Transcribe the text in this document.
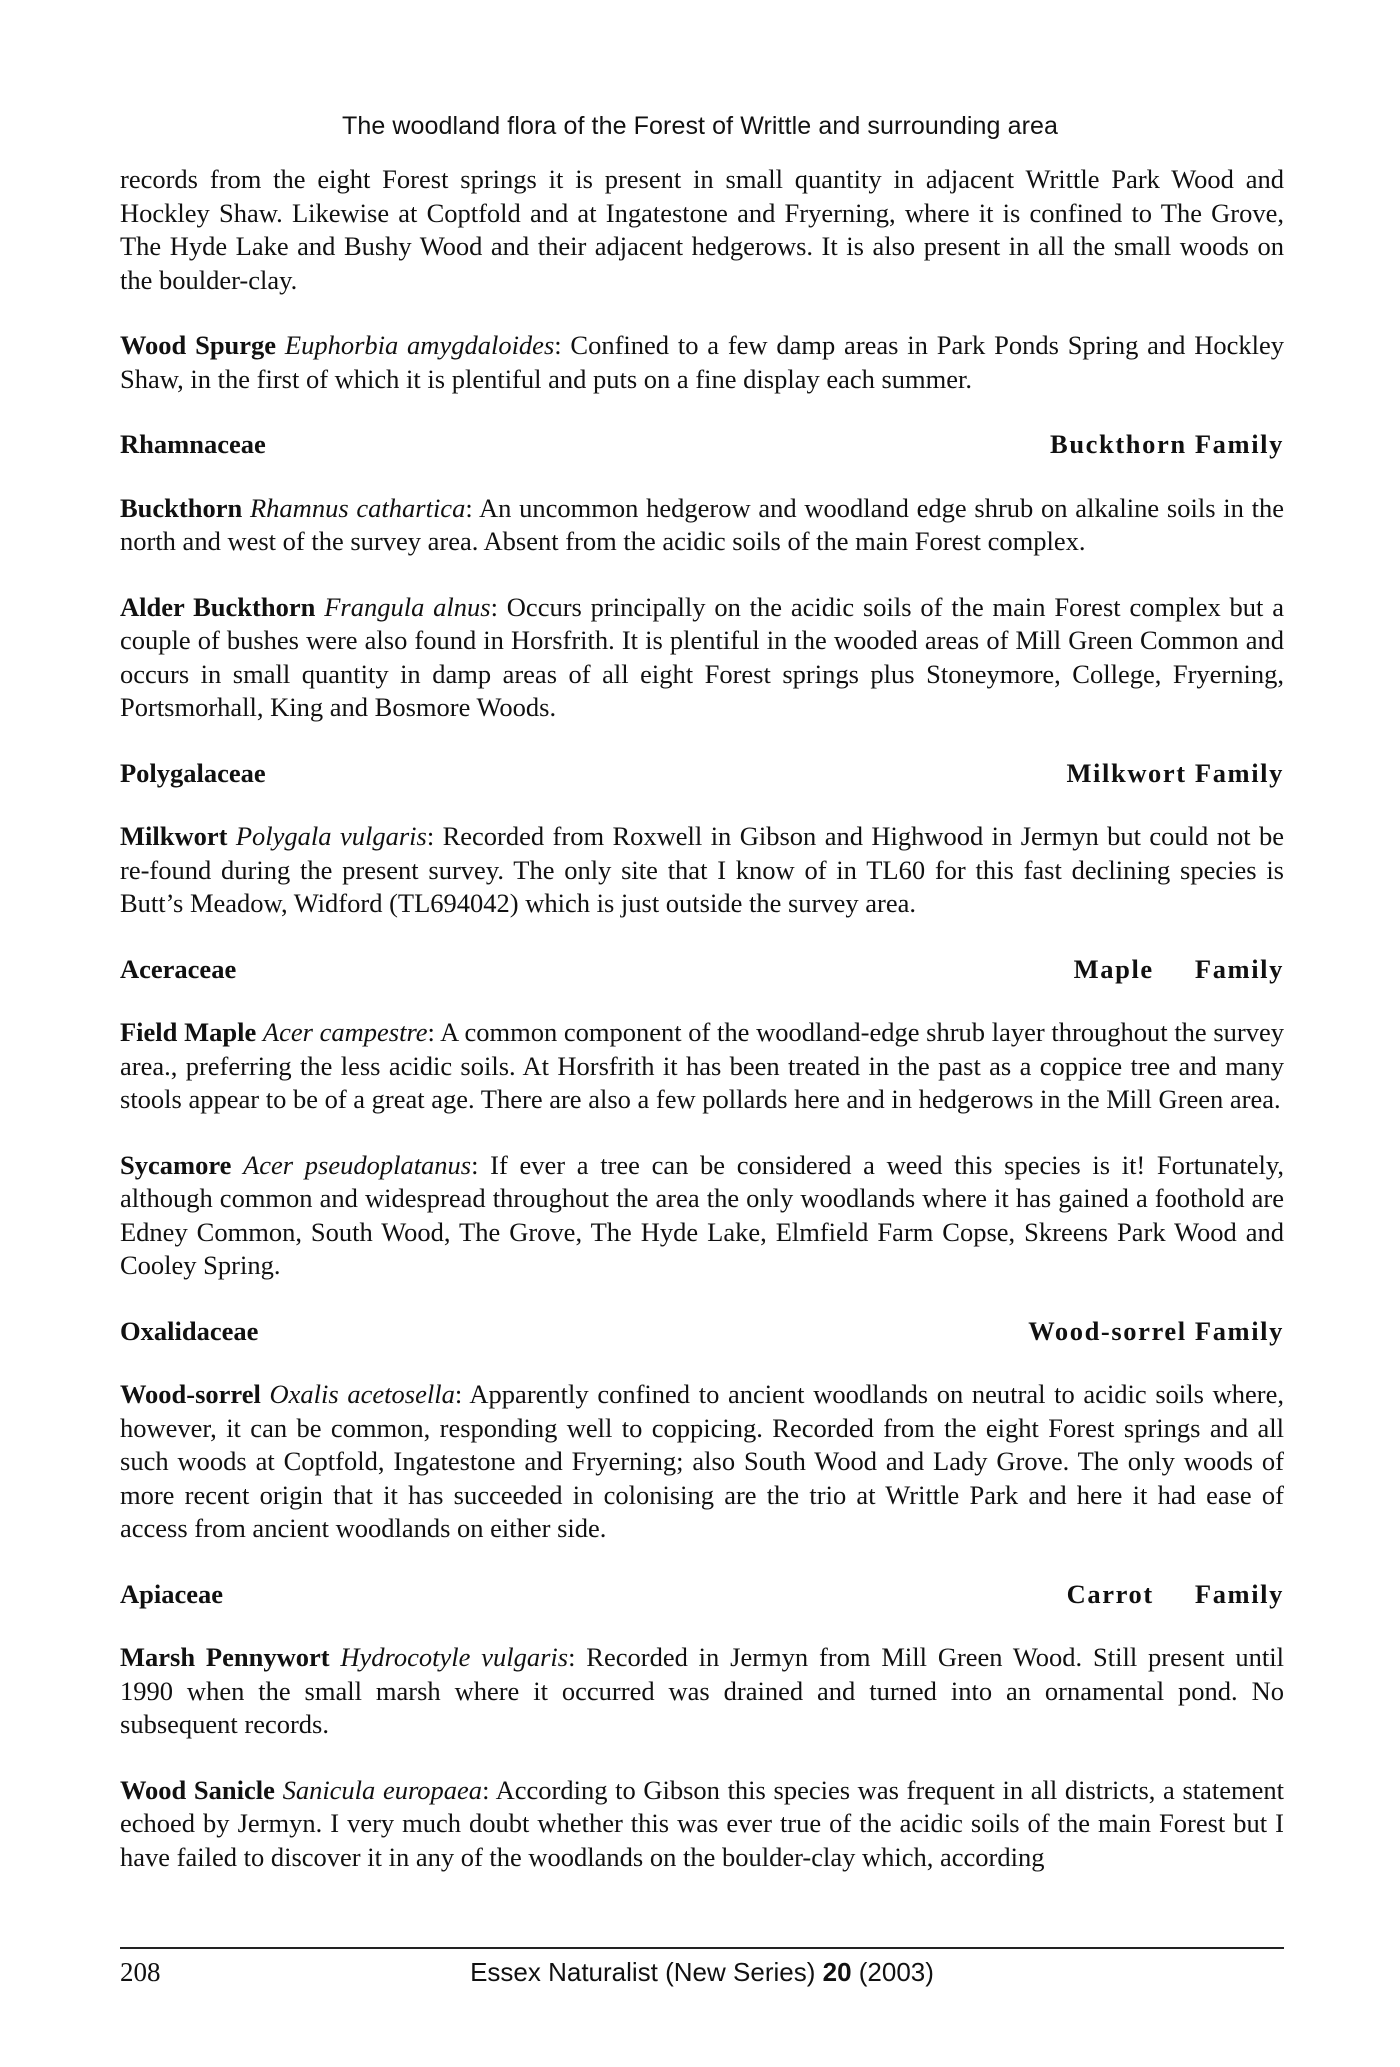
The woodland flora of the Forest of Writtle and surrounding area

records from the eight Forest springs it is present in small quantity in adjacent Writtle Park Wood and Hockley Shaw. Likewise at Coptfold and at Ingatestone and Fryerning, where it is confined to The Grove, The Hyde Lake and Bushy Wood and their adjacent hedgerows. It is also present in all the small woods on the boulder-clay.

Wood Spurge Euphorbia amygdaloides: Confined to a few damp areas in Park Ponds Spring and Hockley Shaw, in the first of which it is plentiful and puts on a fine display each summer.

Rhamnaceae	Buckthorn Family

Buckthorn Rhamnus cathartica: An uncommon hedgerow and woodland edge shrub on alkaline soils in the north and west of the survey area. Absent from the acidic soils of the main Forest complex.

Alder Buckthorn Frangula alnus: Occurs principally on the acidic soils of the main Forest complex but a couple of bushes were also found in Horsfrith. It is plentiful in the wooded areas of Mill Green Common and occurs in small quantity in damp areas of all eight Forest springs plus Stoneymore, College, Fryerning, Portsmorhall, King and Bosmore Woods.

Polygalaceae	Milkwort Family

Milkwort Polygala vulgaris: Recorded from Roxwell in Gibson and Highwood in Jermyn but could not be re-found during the present survey. The only site that I know of in TL60 for this fast declining species is Butt’s Meadow, Widford (TL694042) which is just outside the survey area.

Aceraceae	Maple     Family

Field Maple Acer campestre: A common component of the woodland-edge shrub layer throughout the survey area., preferring the less acidic soils. At Horsfrith it has been treated in the past as a coppice tree and many stools appear to be of a great age. There are also a few pollards here and in hedgerows in the Mill Green area.

Sycamore Acer pseudoplatanus: If ever a tree can be considered a weed this species is it! Fortunately, although common and widespread throughout the area the only woodlands where it has gained a foothold are Edney Common, South Wood, The Grove, The Hyde Lake, Elmfield Farm Copse, Skreens Park Wood and Cooley Spring.

Oxalidaceae	Wood-sorrel Family

Wood-sorrel Oxalis acetosella: Apparently confined to ancient woodlands on neutral to acidic soils where, however, it can be common, responding well to coppicing. Recorded from the eight Forest springs and all such woods at Coptfold, Ingatestone and Fryerning; also South Wood and Lady Grove. The only woods of more recent origin that it has succeeded in colonising are the trio at Writtle Park and here it had ease of access from ancient woodlands on either side.

Apiaceae	Carrot     Family

Marsh Pennywort Hydrocotyle vulgaris: Recorded in Jermyn from Mill Green Wood. Still present until 1990 when the small marsh where it occurred was drained and turned into an ornamental pond. No subsequent records.

Wood Sanicle Sanicula europaea: According to Gibson this species was frequent in all districts, a statement echoed by Jermyn. I very much doubt whether this was ever true of the acidic soils of the main Forest but I have failed to discover it in any of the woodlands on the boulder-clay which, according

208	Essex Naturalist (New Series) 20 (2003)
